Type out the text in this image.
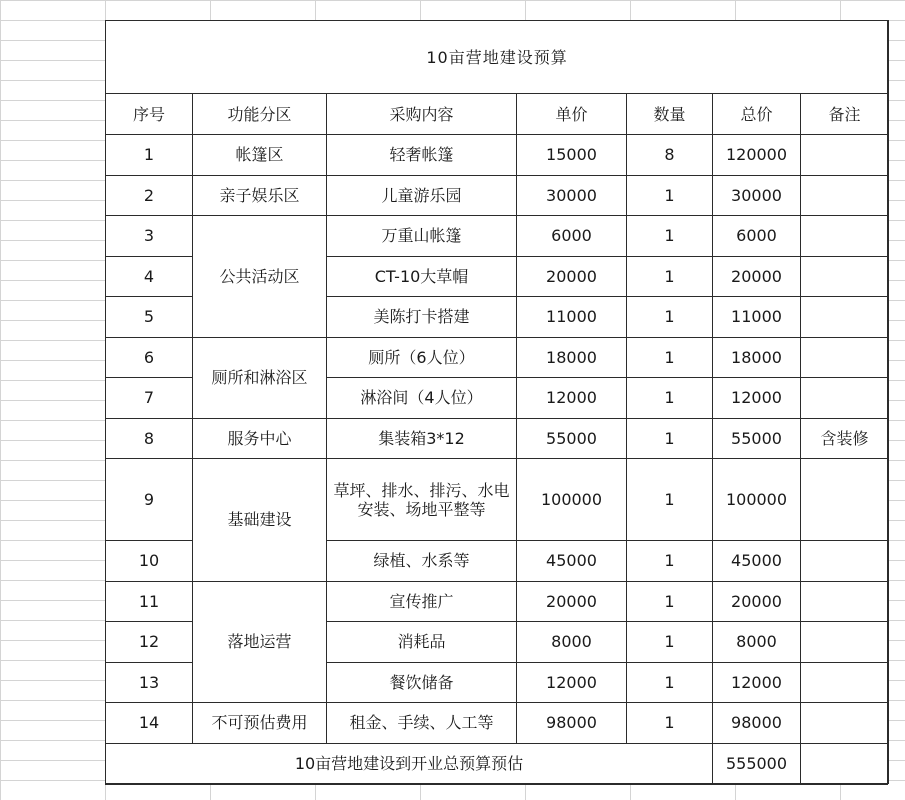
10亩营地建设预算						
序号	功能分区	采购内容	单价	数量	总价	备注
1	帐篷区	轻奢帐篷	15000	8	120000	
2	亲子娱乐区	儿童游乐园	30000	1	30000	
3	公共活动区	万重山帐篷	6000	1	6000	
4		CT-10大草帽	20000	1	20000	
5		美陈打卡搭建	11000	1	11000	
6	厕所和淋浴区	厕所（6人位）	18000	1	18000	
7		淋浴间（4人位）	12000	1	12000	
8	服务中心	集装箱3*12	55000	1	55000	含装修
9	基础建设	草坪、排水、排污、水电安装、场地平整等	100000	1	100000	
10		绿植、水系等	45000	1	45000	
11	落地运营	宣传推广	20000	1	20000	
12		消耗品	8000	1	8000	
13		餐饮储备	12000	1	12000	
14	不可预估费用	租金、手续、人工等	98000	1	98000	
10亩营地建设到开业总预算预估					555000	
